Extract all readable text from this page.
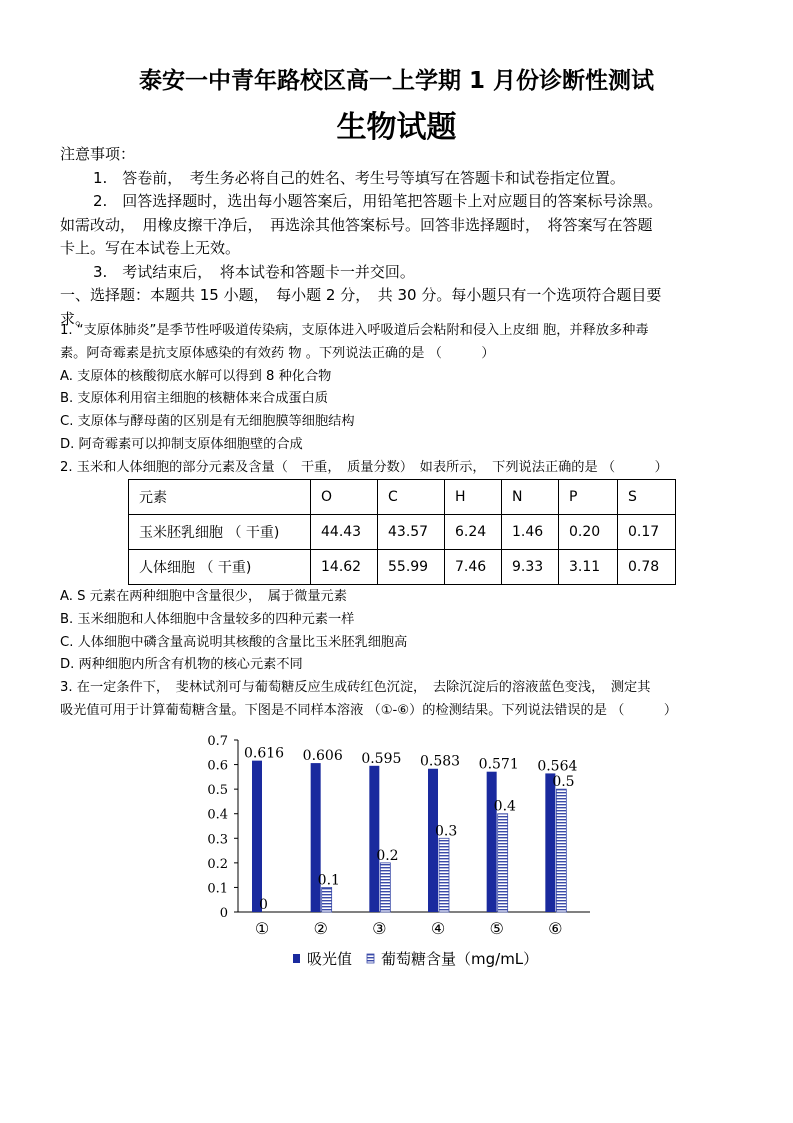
泰安一中青年路校区高一上学期 1 月份诊断性测试
生物试题

注意事项：

1.　答卷前，　考生务必将自己的姓名、考生号等填写在答题卡和试卷指定位置。

2.　回答选择题时，选出每小题答案后，用铅笔把答题卡上对应题目的答案标号涂黑。

如需改动，　用橡皮擦干净后，　再选涂其他答案标号。回答非选择题时，　将答案写在答题

卡上。写在本试卷上无效。

3.　考试结束后，　将本试卷和答题卡一并交回。

一、选择题：本题共 15 小题，　每小题 2 分，　共 30 分。每小题只有一个选项符合题目要

求。

1. “支原体肺炎”是季节性呼吸道传染病，支原体进入呼吸道后会粘附和侵入上皮细 胞，并释放多种毒

素。阿奇霉素是抗支原体感染的有效药 物 。下列说法正确的是 （　　　）

A. 支原体的核酸彻底水解可以得到 8 种化合物

B. 支原体利用宿主细胞的核糖体来合成蛋白质

C. 支原体与酵母菌的区别是有无细胞膜等细胞结构

D. 阿奇霉素可以抑制支原体细胞壁的合成

2. 玉米和人体细胞的部分元素及含量（　干重，　质量分数）　如表所示，　下列说法正确的是 （　　　）

元素	O	C	H	N	P	S
玉米胚乳细胞 （ 干重)	44.43	43.57	6.24	1.46	0.20	0.17
人体细胞 （ 干重)	14.62	55.99	7.46	9.33	3.11	0.78

A. S 元素在两种细胞中含量很少，　属于微量元素

B. 玉米细胞和人体细胞中含量较多的四种元素一样

C. 人体细胞中磷含量高说明其核酸的含量比玉米胚乳细胞高

D. 两种细胞内所含有机物的核心元素不同

3. 在一定条件下，　斐林试剂可与葡萄糖反应生成砖红色沉淀，　去除沉淀后的溶液蓝色变浅，　测定其

吸光值可用于计算葡萄糖含量。下图是不同样本溶液 （①-⑥）的检测结果。下列说法错误的是 （　　　）

0
0.1
0.2
0.3
0.4
0.5
0.6
0.7
0.616
0
①
0.606
0.1
②
0.595
0.2
③
0.583
0.3
④
0.571
0.4
⑤
0.564
0.5
⑥
吸光值 葡萄糖含量（mg/mL）
